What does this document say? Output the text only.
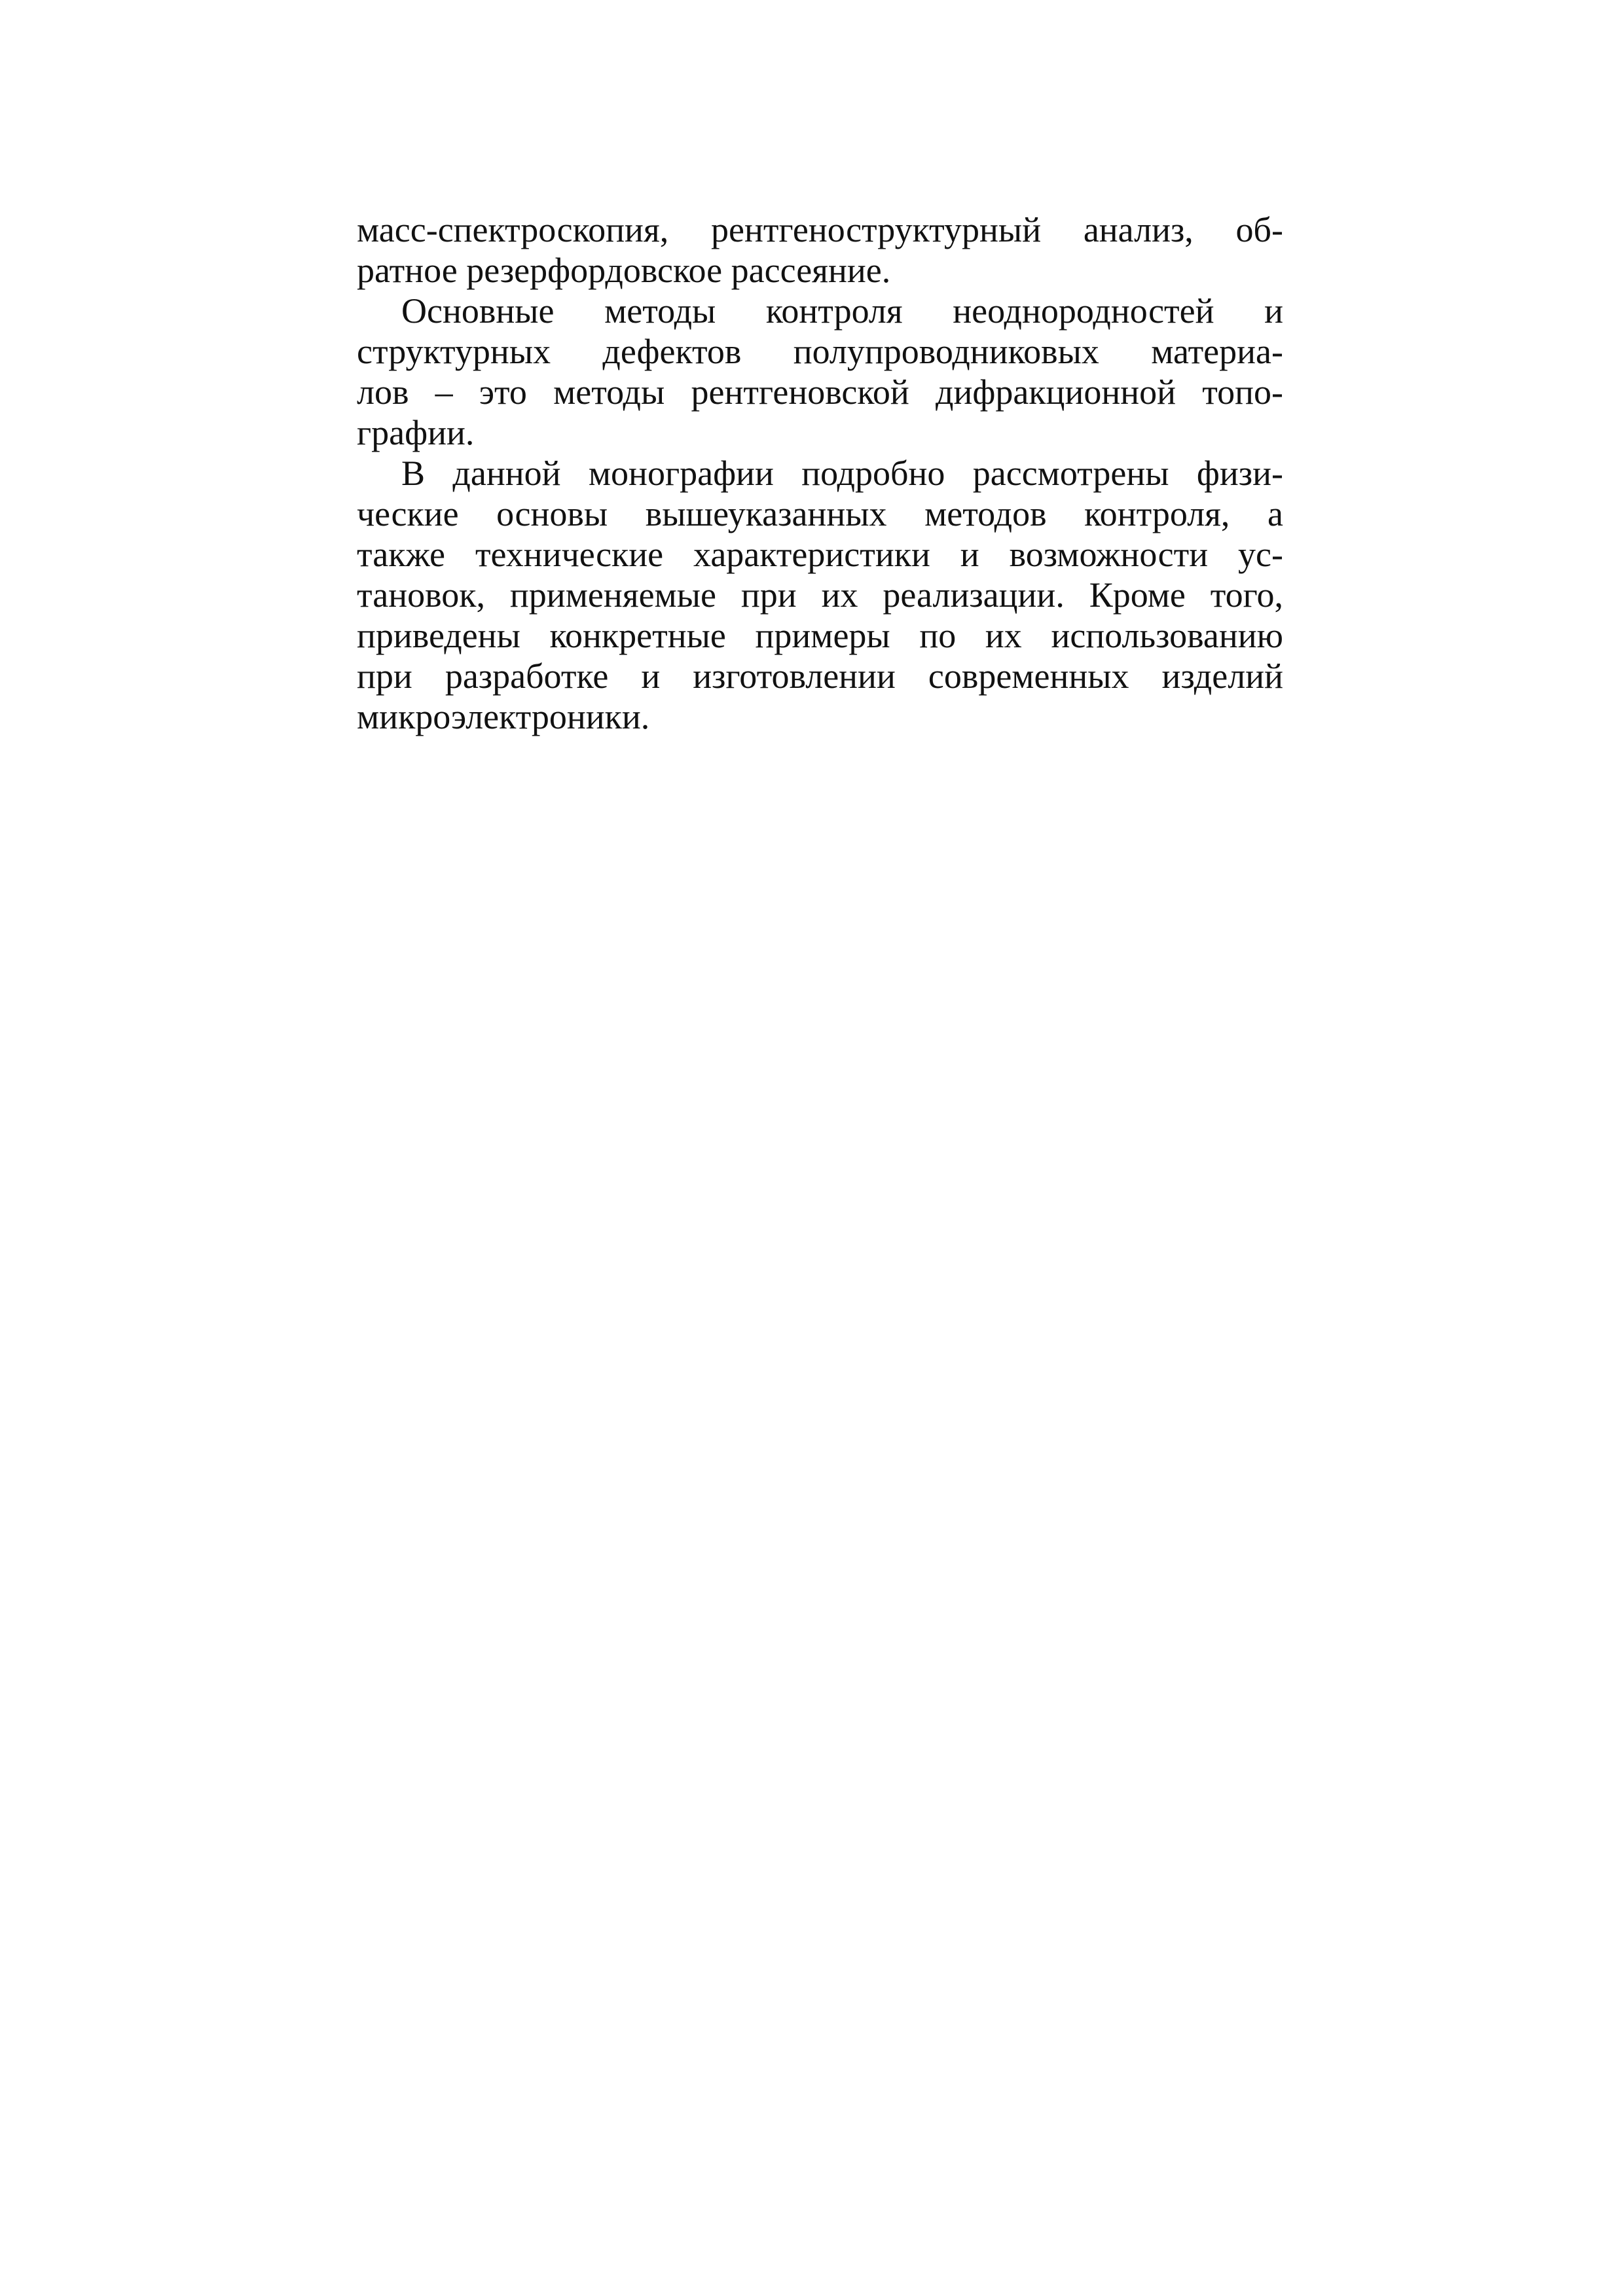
масс-спектроскопия, рентгеноструктурный анализ, об-
ратное резерфордовское рассеяние.
Основные методы контроля неоднородностей и
структурных дефектов полупроводниковых материа-
лов – это методы рентгеновской дифракционной топо-
графии.
В данной монографии подробно рассмотрены физи-
ческие основы вышеуказанных методов контроля, а
также технические характеристики и возможности ус-
тановок, применяемые при их реализации. Кроме того,
приведены конкретные примеры по их использованию
при разработке и изготовлении современных изделий
микроэлектроники.
